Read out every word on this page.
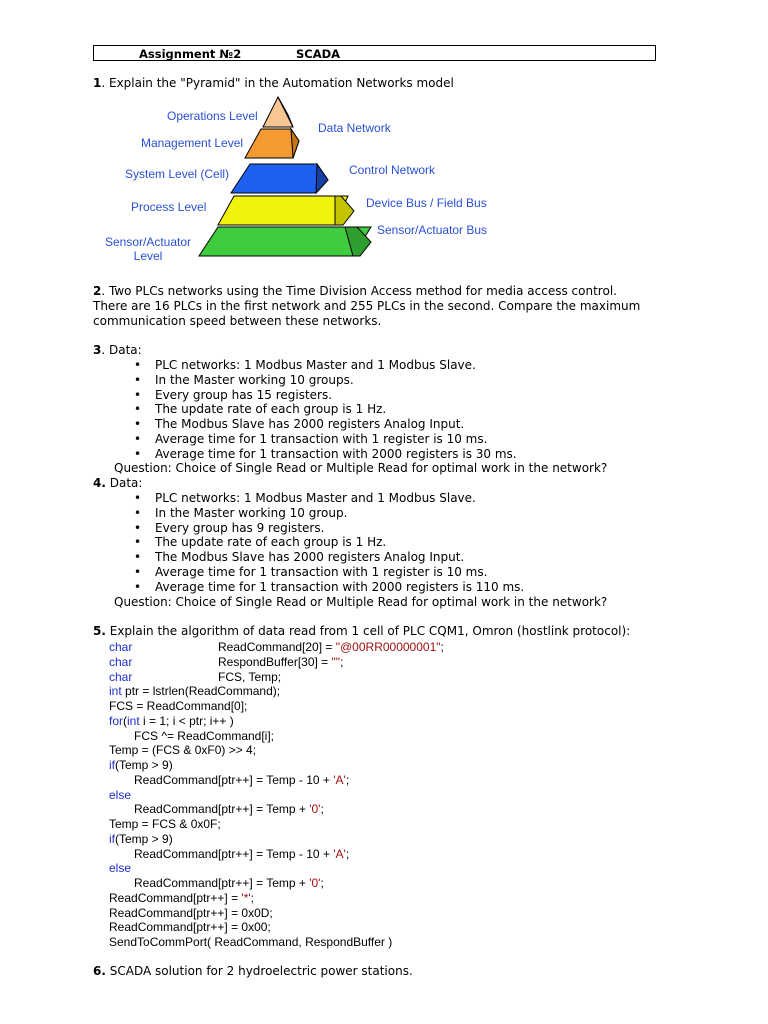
Assignment №2	SCADA
1. Explain the "Pyramid" in the Automation Networks model
Operations Level
Management Level
System Level (Cell)
Process Level
Sensor/Actuator
Level
Data Network
Control Network
Device Bus / Field Bus
Sensor/Actuator Bus
2. Two PLCs networks using the Time Division Access method for media access control.
There are 16 PLCs in the first network and 255 PLCs in the second. Compare the maximum
communication speed between these networks.
3. Data:
• PLC networks: 1 Modbus Master and 1 Modbus Slave.
• In the Master working 10 groups.
• Every group has 15 registers.
• The update rate of each group is 1 Hz.
• The Modbus Slave has 2000 registers Analog Input.
• Average time for 1 transaction with 1 register is 10 ms.
• Average time for 1 transaction with 2000 registers is 30 ms.
Question: Choice of Single Read or Multiple Read for optimal work in the network?
4. Data:
• PLC networks: 1 Modbus Master and 1 Modbus Slave.
• In the Master working 10 group.
• Every group has 9 registers.
• The update rate of each group is 1 Hz.
• The Modbus Slave has 2000 registers Analog Input.
• Average time for 1 transaction with 1 register is 10 ms.
• Average time for 1 transaction with 2000 registers is 110 ms.
Question: Choice of Single Read or Multiple Read for optimal work in the network?
5. Explain the algorithm of data read from 1 cell of PLC CQM1, Omron (hostlink protocol):
char	ReadCommand[20] = "@00RR00000001";
char	RespondBuffer[30] = "";
char	FCS, Temp;
int ptr = lstrlen(ReadCommand);
FCS = ReadCommand[0];
for(int i = 1; i < ptr; i++ )
FCS ^= ReadCommand[i];
Temp = (FCS & 0xF0) >> 4;
if(Temp > 9)
ReadCommand[ptr++] = Temp - 10 + 'A';
else
ReadCommand[ptr++] = Temp + '0';
Temp = FCS & 0x0F;
if(Temp > 9)
ReadCommand[ptr++] = Temp - 10 + 'A';
else
ReadCommand[ptr++] = Temp + '0';
ReadCommand[ptr++] = '*';
ReadCommand[ptr++] = 0x0D;
ReadCommand[ptr++] = 0x00;
SendToCommPort( ReadCommand, RespondBuffer )
6. SCADA solution for 2 hydroelectric power stations.
